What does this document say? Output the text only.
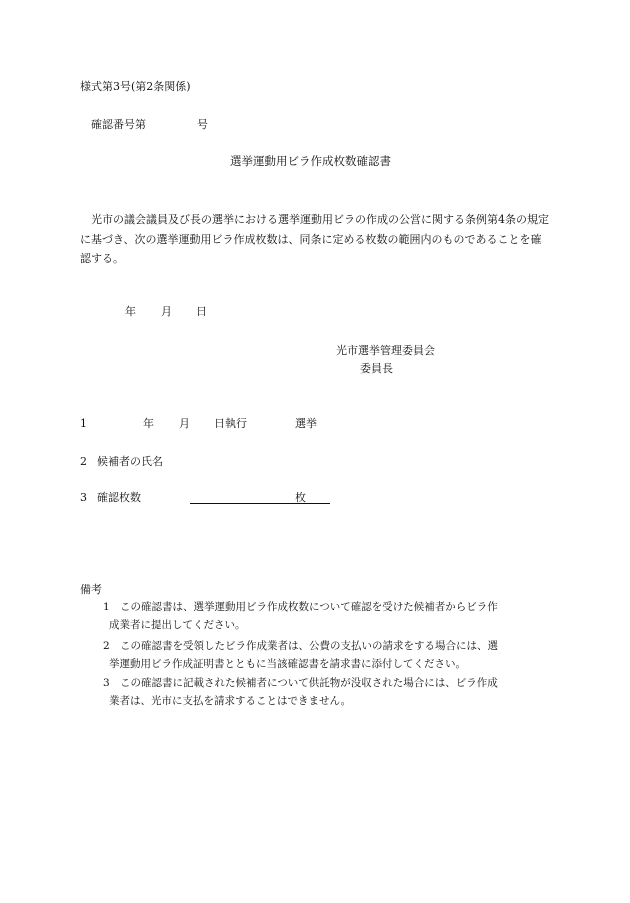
様式第3号(第2条関係)
確認番号第	号
選挙運動用ビラ作成枚数確認書
光市の議会議員及び長の選挙における選挙運動用ビラの作成の公営に関する条例第4条の規定に基づき、次の選挙運動用ビラ作成枚数は、同条に定める枚数の範囲内のものであることを確認する。
年 月 日
光市選挙管理委員会
委員長
1	年 月 日執行	選挙
2 候補者の氏名
3 確認枚数	枚
備考
1 この確認書は、選挙運動用ビラ作成枚数について確認を受けた候補者からビラ作
成業者に提出してください。
2 この確認書を受領したビラ作成業者は、公費の支払いの請求をする場合には、選
挙運動用ビラ作成証明書とともに当該確認書を請求書に添付してください。
3 この確認書に記載された候補者について供託物が没収された場合には、ビラ作成
業者は、光市に支払を請求することはできません。
